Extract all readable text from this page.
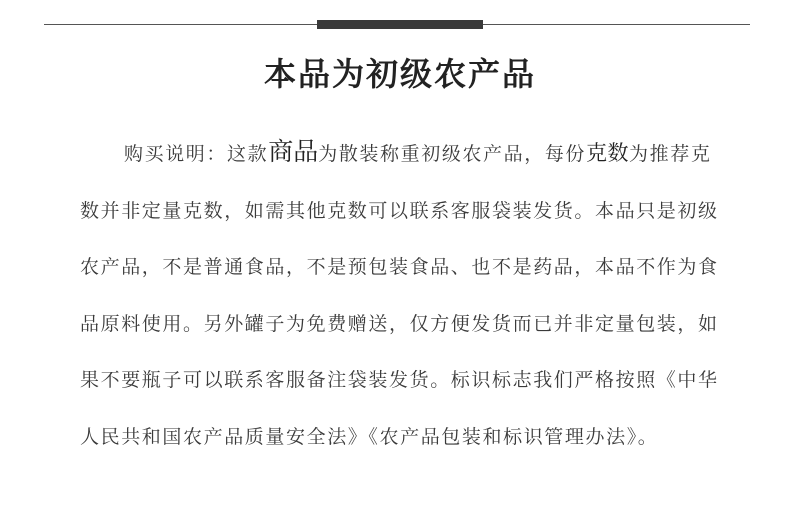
本品为初级农产品

购买说明：这款商品为散装称重初级农产品，每份克数为推荐克数并非定量克数，如需其他克数可以联系客服袋装发货。本品只是初级农产品，不是普通食品，不是预包装食品、也不是药品，本品不作为食品原料使用。另外罐子为免费赠送，仅方便发货而已并非定量包装，如果不要瓶子可以联系客服备注袋装发货。标识标志我们严格按照《中华人民共和国农产品质量安全法》《农产品包装和标识管理办法》。
